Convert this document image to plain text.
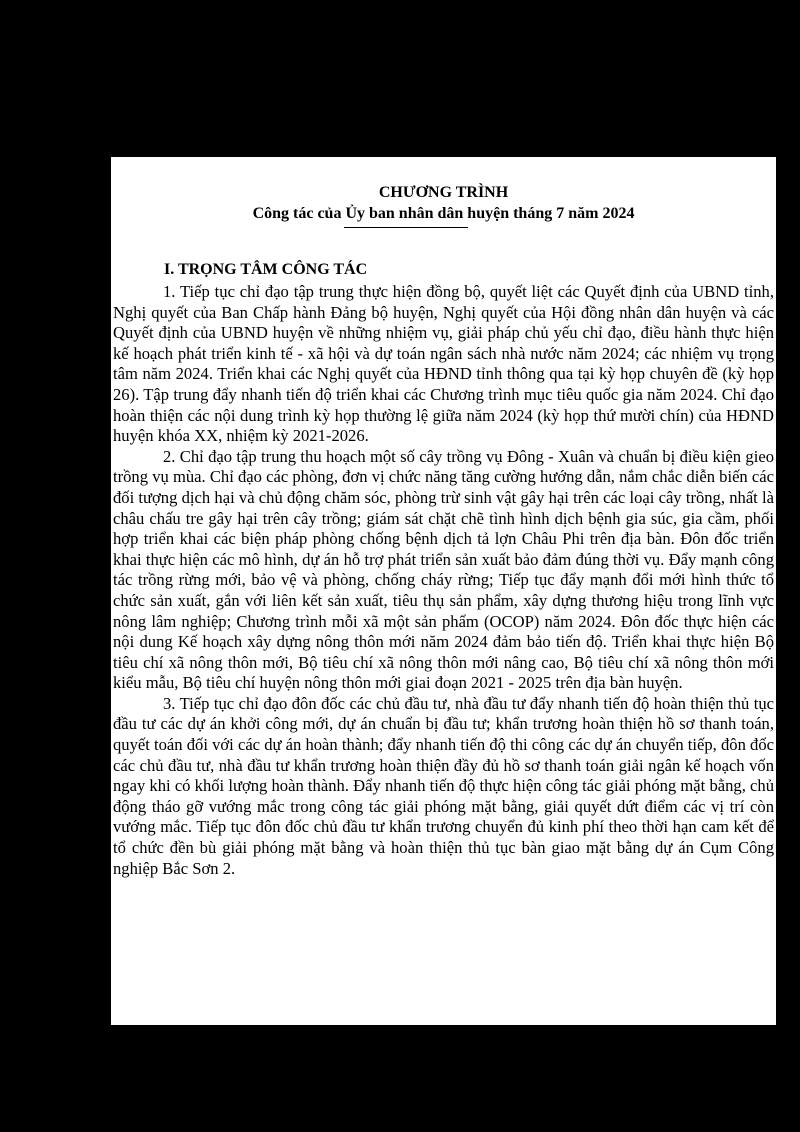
CHƯƠNG TRÌNH
Công tác của Ủy ban nhân dân huyện tháng 7 năm 2024
I. TRỌNG TÂM CÔNG TÁC

1. Tiếp tục chỉ đạo tập trung thực hiện đồng bộ, quyết liệt các Quyết định của UBND tỉnh, Nghị quyết của Ban Chấp hành Đảng bộ huyện, Nghị quyết của Hội đồng nhân dân huyện và các Quyết định của UBND huyện về những nhiệm vụ, giải pháp chủ yếu chỉ đạo, điều hành thực hiện kế hoạch phát triển kinh tế - xã hội và dự toán ngân sách nhà nước năm 2024; các nhiệm vụ trọng tâm năm 2024. Triển khai các Nghị quyết của HĐND tỉnh thông qua tại kỳ họp chuyên đề (kỳ họp 26). Tập trung đẩy nhanh tiến độ triển khai các Chương trình mục tiêu quốc gia năm 2024. Chỉ đạo hoàn thiện các nội dung trình kỳ họp thường lệ giữa năm 2024 (kỳ họp thứ mười chín) của HĐND huyện khóa XX, nhiệm kỳ 2021-2026.

2. Chỉ đạo tập trung thu hoạch một số cây trồng vụ Đông - Xuân và chuẩn bị điều kiện gieo trồng vụ mùa. Chỉ đạo các phòng, đơn vị chức năng tăng cường hướng dẫn, nắm chắc diễn biến các đối tượng dịch hại và chủ động chăm sóc, phòng trừ sinh vật gây hại trên các loại cây trồng, nhất là châu chấu tre gây hại trên cây trồng; giám sát chặt chẽ tình hình dịch bệnh gia súc, gia cầm, phối hợp triển khai các biện pháp phòng chống bệnh dịch tả lợn Châu Phi trên địa bàn. Đôn đốc triển khai thực hiện các mô hình, dự án hỗ trợ phát triển sản xuất bảo đảm đúng thời vụ. Đẩy mạnh công tác trồng rừng mới, bảo vệ và phòng, chống cháy rừng; Tiếp tục đẩy mạnh đổi mới hình thức tổ chức sản xuất, gắn với liên kết sản xuất, tiêu thụ sản phẩm, xây dựng thương hiệu trong lĩnh vực nông lâm nghiệp; Chương trình mỗi xã một sản phẩm (OCOP) năm 2024. Đôn đốc thực hiện các nội dung Kế hoạch xây dựng nông thôn mới năm 2024 đảm bảo tiến độ. Triển khai thực hiện Bộ tiêu chí xã nông thôn mới, Bộ tiêu chí xã nông thôn mới nâng cao, Bộ tiêu chí xã nông thôn mới kiểu mẫu, Bộ tiêu chí huyện nông thôn mới giai đoạn 2021 - 2025 trên địa bàn huyện.

3. Tiếp tục chỉ đạo đôn đốc các chủ đầu tư, nhà đầu tư đẩy nhanh tiến độ hoàn thiện thủ tục đầu tư các dự án khởi công mới, dự án chuẩn bị đầu tư; khẩn trương hoàn thiện hồ sơ thanh toán, quyết toán đối với các dự án hoàn thành; đẩy nhanh tiến độ thi công các dự án chuyển tiếp, đôn đốc các chủ đầu tư, nhà đầu tư khẩn trương hoàn thiện đầy đủ hồ sơ thanh toán giải ngân kế hoạch vốn ngay khi có khối lượng hoàn thành. Đẩy nhanh tiến độ thực hiện công tác giải phóng mặt bằng, chủ động tháo gỡ vướng mắc trong công tác giải phóng mặt bằng, giải quyết dứt điểm các vị trí còn vướng mắc. Tiếp tục đôn đốc chủ đầu tư khẩn trương chuyển đủ kinh phí theo thời hạn cam kết để tổ chức đền bù giải phóng mặt bằng và hoàn thiện thủ tục bàn giao mặt bằng dự án Cụm Công nghiệp Bắc Sơn 2.
